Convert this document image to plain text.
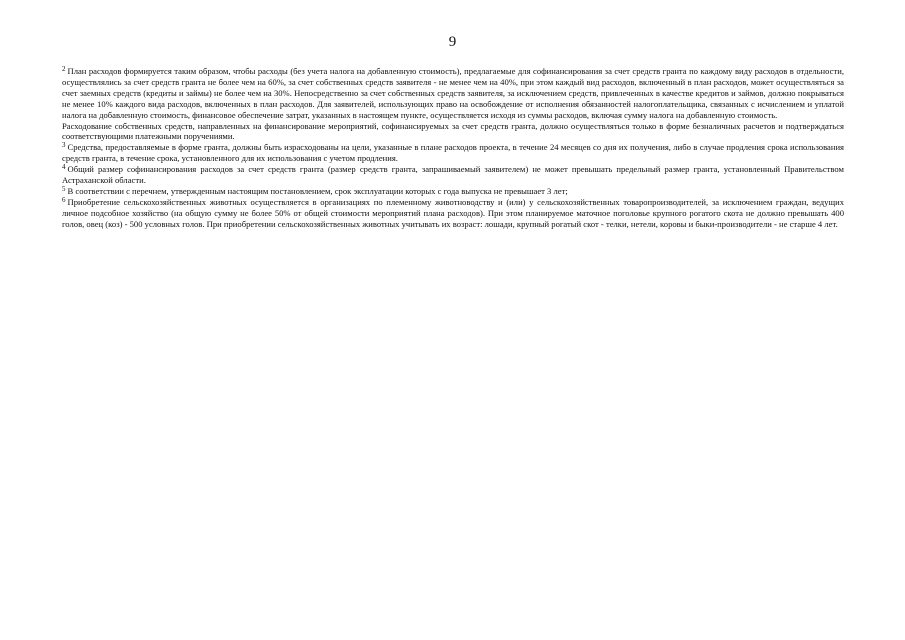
9

$^2$ План расходов формируется таким образом, чтобы расходы (без учета налога на добавленную стоимость), предлагаемые для софинансирования за счет средств гранта по каждому виду расходов в отдельности, осуществлялись за счет средств гранта не более чем на 60%, за счет собственных средств заявителя - не менее чем на 40%, при этом каждый вид расходов, включенный в план расходов, может осуществляться за счет заемных средств (кредиты и займы) не более чем на 30%. Непосредственно за счет собственных средств заявителя, за исключением средств, привлеченных в качестве кредитов и займов, должно покрываться не менее 10% каждого вида расходов, включенных в план расходов. Для заявителей, использующих право на освобождение от исполнения обязанностей налогоплательщика, связанных с исчислением и уплатой налога на добавленную стоимость, финансовое обеспечение затрат, указанных в настоящем пункте, осуществляется исходя из суммы расходов, включая сумму налога на добавленную стоимость.

Расходование собственных средств, направленных на финансирование мероприятий, софинансируемых за счет средств гранта, должно осуществляться только в форме безналичных расчетов и подтверждаться соответствующими платежными поручениями.

$^3$ Средства, предоставляемые в форме гранта, должны быть израсходованы на цели, указанные в плане расходов проекта, в течение 24 месяцев со дня их получения, либо в случае продления срока использования средств гранта, в течение срока, установленного для их использования с учетом продления.

$^4$ Общий размер софинансирования расходов за счет средств гранта (размер средств гранта, запрашиваемый заявителем) не может превышать предельный размер гранта, установленный Правительством Астраханской области.

$^5$ В соответствии с перечнем, утвержденным настоящим постановлением, срок эксплуатации которых с года выпуска не превышает 3 лет;

$^6$ Приобретение сельскохозяйственных животных осуществляется в организациях по племенному животноводству и (или) у сельскохозяйственных товаропроизводителей, за исключением граждан, ведущих личное подсобное хозяйство (на общую сумму не более 50% от общей стоимости мероприятий плана расходов). При этом планируемое маточное поголовье крупного рогатого скота не должно превышать 400 голов, овец (коз) - 500 условных голов. При приобретении сельскохозяйственных животных учитывать их возраст: лошади, крупный рогатый скот - телки, нетели, коровы и быки-производители - не старше 4 лет.
